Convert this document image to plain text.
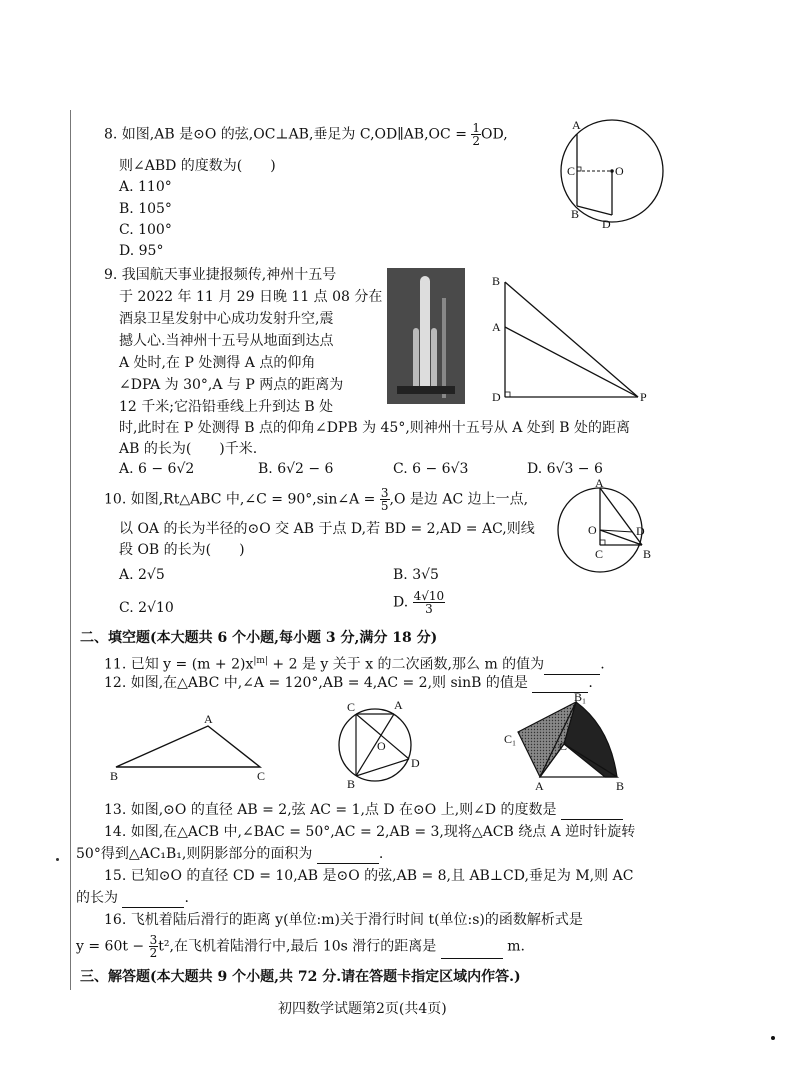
8. 如图,AB 是⊙O 的弦,OC⊥AB,垂足为 C,OD∥AB,OC = $\frac{1}{2}$ OD,
则∠ABD 的度数为(　　)
A. 110°
B. 105°
C. 100°
D. 95°
A
C	O
B
D
9. 我国航天事业捷报频传,神州十五号
于 2022 年 11 月 29 日晚 11 点 08 分在
酒泉卫星发射中心成功发射升空,震
撼人心.当神州十五号从地面到达点
A 处时,在 P 处测得 A 点的仰角
∠DPA 为 30°,A 与 P 两点的距离为
12 千米;它沿铅垂线上升到达 B 处
时,此时在 P 处测得 B 点的仰角∠DPB 为 45°,则神州十五号从 A 处到 B 处的距离
AB 的长为(　　)千米.
B
A
D	P
A. 6 − 6√2	B. 6√2 − 6	C. 6 − 6√3	D. 6√3 − 6
10. 如图,Rt△ABC 中,∠C = 90°,sin∠A = $\frac{3}{5} ,O$ 是边 AC 边上一点,
以 OA 的长为半径的⊙O 交 AB 于点 D,若 BD = 2,AD = AC,则线
段 OB 的长为(　　)
A. 2√5	B. 3√5
C. 2√10	D. $\frac{4√10}{3}$
A
O	D
C	B
二、填空题(本大题共 6 个小题,每小题 3 分,满分 18 分)
11. 已知 $y = (m + 2)x^{|m|} + 2$ 是 y 关于 x 的二次函数,那么 m 的值为	.
12. 如图,在△ABC 中,∠A = 120°,AB = 4,AC = 2,则 sinB 的值是	.
A
B	C
C	A
O
D
B
B₁
C₁	C
A	B
13. 如图,⊙O 的直径 AB = 2,弦 AC = 1,点 D 在⊙O 上,则∠D 的度数是
14. 如图,在△ACB 中,∠BAC = 50°,AC = 2,AB = 3,现将△ACB 绕点 A 逆时针旋转
50°得到△AC₁B₁,则阴影部分的面积为	.
15. 已知⊙O 的直径 CD = 10,AB 是⊙O 的弦,AB = 8,且 AB⊥CD,垂足为 M,则 AC
的长为	.
16. 飞机着陆后滑行的距离 y(单位:m)关于滑行时间 t(单位:s)的函数解析式是
$y = 60t - \frac{3}{2} t^2$,在飞机着陆滑行中,最后 10s 滑行的距离是	m.
三、解答题(本大题共 9 个小题,共 72 分.请在答题卡指定区域内作答.)
初四数学试题第2页(共4页)
